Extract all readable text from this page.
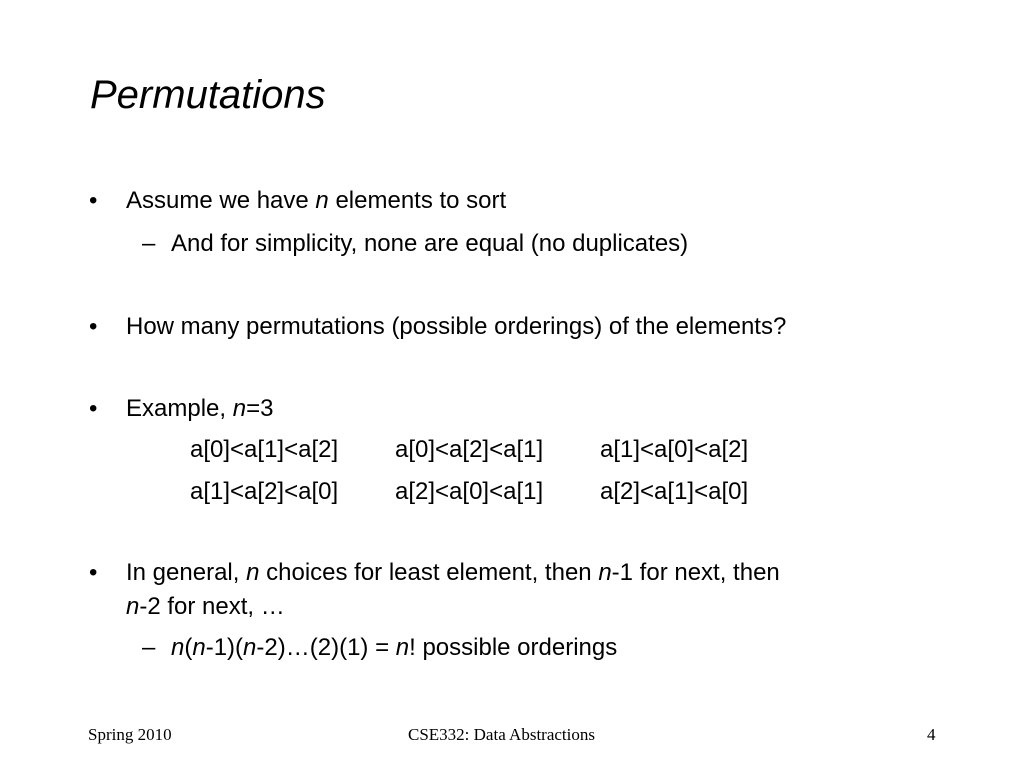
Permutations
• Assume we have n elements to sort
– And for simplicity, none are equal (no duplicates)
• How many permutations (possible orderings) of the elements?
• Example, n=3
a[0]<a[1]<a[2] a[0]<a[2]<a[1] a[1]<a[0]<a[2]
a[1]<a[2]<a[0] a[2]<a[0]<a[1] a[2]<a[1]<a[0]
• In general, n choices for least element, then n-1 for next, then
n-2 for next, …
– n(n-1)(n-2)…(2)(1) = n! possible orderings
Spring 2010	CSE332: Data Abstractions	4
